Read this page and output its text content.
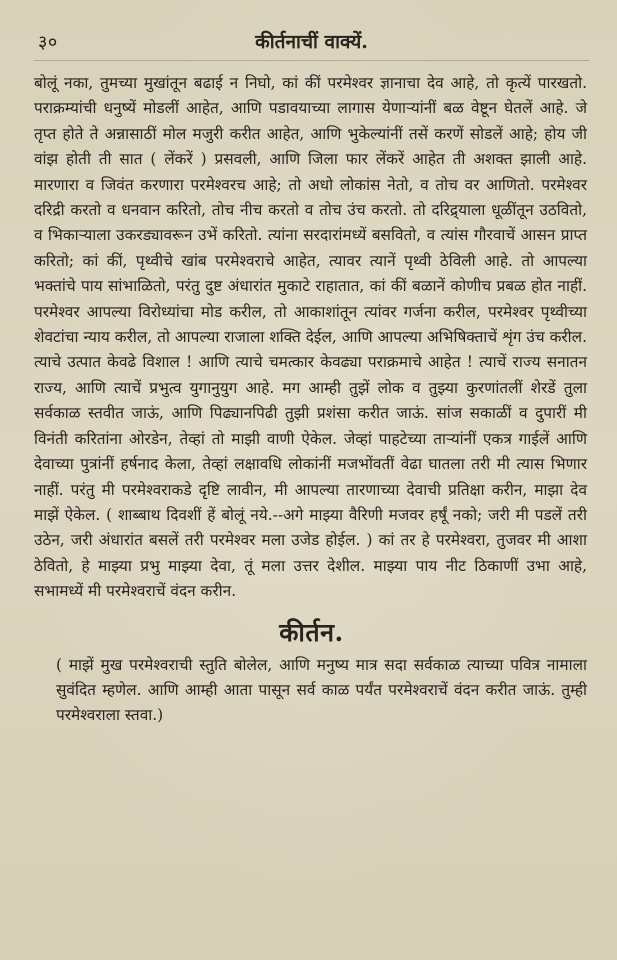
३०	कीर्तनाचीं वाक्यें.

बोलूं नका, तुमच्या मुखांतून बढाई न निघो, कां कीं परमेश्वर ज्ञानाचा देव आहे, तो कृत्यें पारखतो. पराक्रम्यांची धनुष्यें मोडलीं आहेत, आणि पडावयाच्या लागास येणाऱ्यांनीं बळ वेष्टून घेतलें आहे. जे तृप्त होते ते अन्नासाठीं मोल मजुरी करीत आहेत, आणि भुकेल्यांनीं तसें करणें सोडलें आहे; होय जी वांझ होती ती सात ( लेंकरें ) प्रसवली, आणि जिला फार लेंकरें आहेत ती अशक्त झाली आहे. मारणारा व जिवंत करणारा परमेश्वरच आहे; तो अधो लोकांस नेतो, व तोच वर आणितो. परमेश्वर दरिद्री करतो व धनवान करितो, तोच नीच करतो व तोच उंच करतो. तो दरिद्र्याला धूळींतून उठवितो, व भिकाऱ्याला उकरड्यावरून उभें करितो. त्यांना सरदारांमध्यें बसवितो, व त्यांस गौरवाचें आसन प्राप्त करितो; कां कीं, पृथ्वीचे खांब परमेश्वराचे आहेत, त्यावर त्यानें पृथ्वी ठेविली आहे. तो आपल्या भक्तांचे पाय सांभाळितो, परंतु दुष्ट अंधारांत मुकाटे राहातात, कां कीं बळानें कोणीच प्रबळ होत नाहीं. परमेश्वर आपल्या विरोध्यांचा मोड करील, तो आकाशांतून त्यांवर गर्जना करील, परमेश्वर पृथ्वीच्या शेवटांचा न्याय करील, तो आपल्या राजाला शक्ति देईल, आणि आपल्या अभिषिक्ताचें शृंग उंच करील. त्याचे उत्पात केवढे विशाल ! आणि त्याचे चमत्कार केवढ्या पराक्रमाचे आहेत ! त्याचें राज्य सनातन राज्य, आणि त्याचें प्रभुत्व युगानुयुग आहे. मग आम्ही तुझें लोक व तुझ्या कुरणांतलीं शेरडें तुला सर्वकाळ स्तवीत जाऊं, आणि पिढ्यानपिढी तुझी प्रशंसा करीत जाऊं. सांज सकाळीं व दुपारीं मी विनंती करितांना ओरडेन, तेव्हां तो माझी वाणी ऐकेल. जेव्हां पाहटेच्या ताऱ्यांनीं एकत्र गाईलें आणि देवाच्या पुत्रांनीं हर्षनाद केला, तेव्हां लक्षावधि लोकांनीं मजभोंवतीं वेढा घातला तरी मी त्यास भिणार नाहीं. परंतु मी परमेश्वराकडे दृष्टि लावीन, मी आपल्या तारणाच्या देवाची प्रतिक्षा करीन, माझा देव माझें ऐकेल. ( शाब्बाथ दिवशीं हें बोलूं नये.--अगे माझ्या वैरिणी मजवर हर्षूं नको; जरी मी पडलें तरी उठेन, जरी अंधारांत बसलें तरी परमेश्वर मला उजेड होईल. ) कां तर हे परमेश्वरा, तुजवर मी आशा ठेवितो, हे माझ्या प्रभु माझ्या देवा, तूं मला उत्तर देशील. माझ्या पाय नीट ठिकाणीं उभा आहे, सभामध्यें मी परमेश्वराचें वंदन करीन.

कीर्तन.

( माझें मुख परमेश्वराची स्तुति बोलेल, आणि मनुष्य मात्र सदा सर्वकाळ त्याच्या पवित्र नामाला सुवंदित म्हणेल. आणि आम्ही आता पासून सर्व काळ पर्यंत परमेश्वराचें वंदन करीत जाऊं. तुम्ही परमेश्वराला स्तवा.)
